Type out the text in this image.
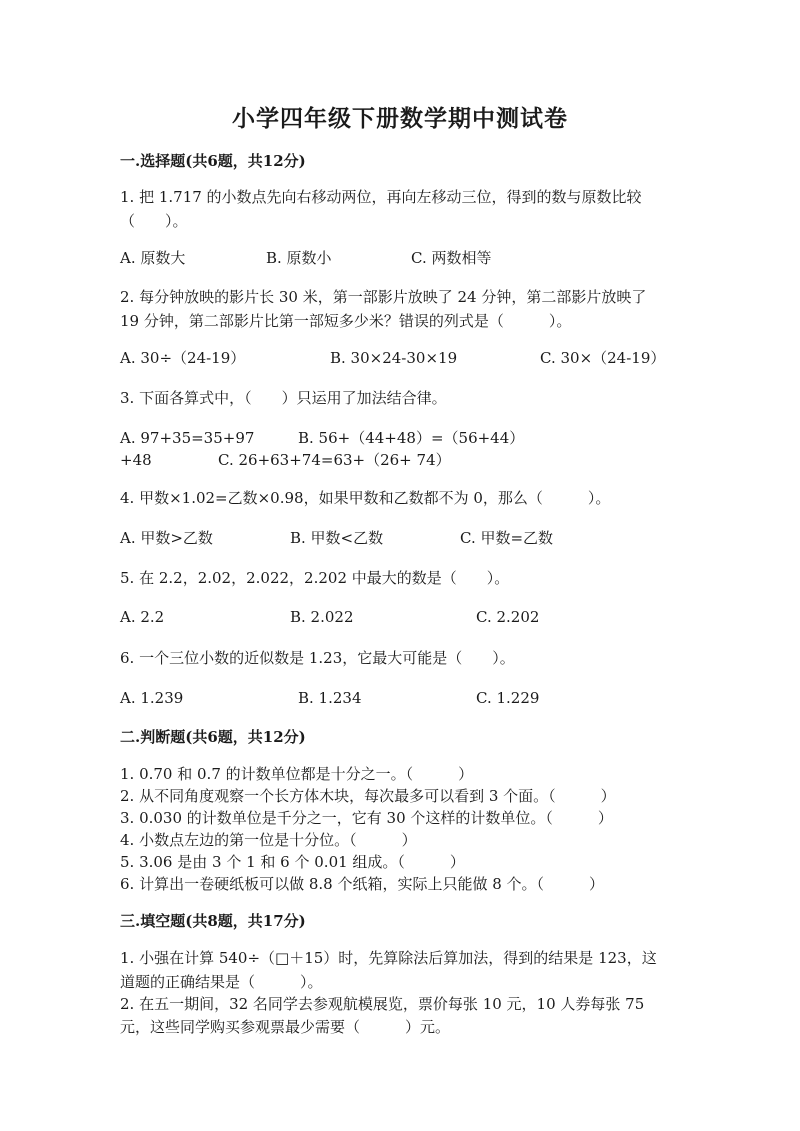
小学四年级下册数学期中测试卷
一.选择题(共6题，共12分)
1. 把 1.717 的小数点先向右移动两位，再向左移动三位，得到的数与原数比较
（　　）。
A. 原数大	B. 原数小	C. 两数相等
2. 每分钟放映的影片长 30 米，第一部影片放映了 24 分钟，第二部影片放映了
19 分钟，第二部影片比第一部短多少米？错误的列式是（　　　）。
A. 30÷（24-19）	B. 30×24-30×19	C. 30×（24-19）
3. 下面各算式中，（　　）只运用了加法结合律。
A. 97+35=35+97	B. 56+（44+48）=（56+44）
+48	C. 26+63+74=63+（26+ 74）
4. 甲数×1.02=乙数×0.98，如果甲数和乙数都不为 0，那么（　　　）。
A. 甲数>乙数	B. 甲数<乙数	C. 甲数=乙数
5. 在 2.2，2.02，2.022，2.202 中最大的数是（　　）。
A. 2.2	B. 2.022	C. 2.202
6. 一个三位小数的近似数是 1.23，它最大可能是（　　）。
A. 1.239	B. 1.234	C. 1.229
二.判断题(共6题，共12分)
1. 0.70 和 0.7 的计数单位都是十分之一。（　　　）
2. 从不同角度观察一个长方体木块，每次最多可以看到 3 个面。（　　　）
3. 0.030 的计数单位是千分之一，它有 30 个这样的计数单位。（　　　）
4. 小数点左边的第一位是十分位。（　　　）
5. 3.06 是由 3 个 1 和 6 个 0.01 组成。（　　　）
6. 计算出一卷硬纸板可以做 8.8 个纸箱，实际上只能做 8 个。（　　　）
三.填空题(共8题，共17分)
1. 小强在计算 540÷（□＋15）时，先算除法后算加法，得到的结果是 123，这
道题的正确结果是（　　　）。
2. 在五一期间，32 名同学去参观航模展览，票价每张 10 元，10 人券每张 75
元，这些同学购买参观票最少需要（　　　）元。
